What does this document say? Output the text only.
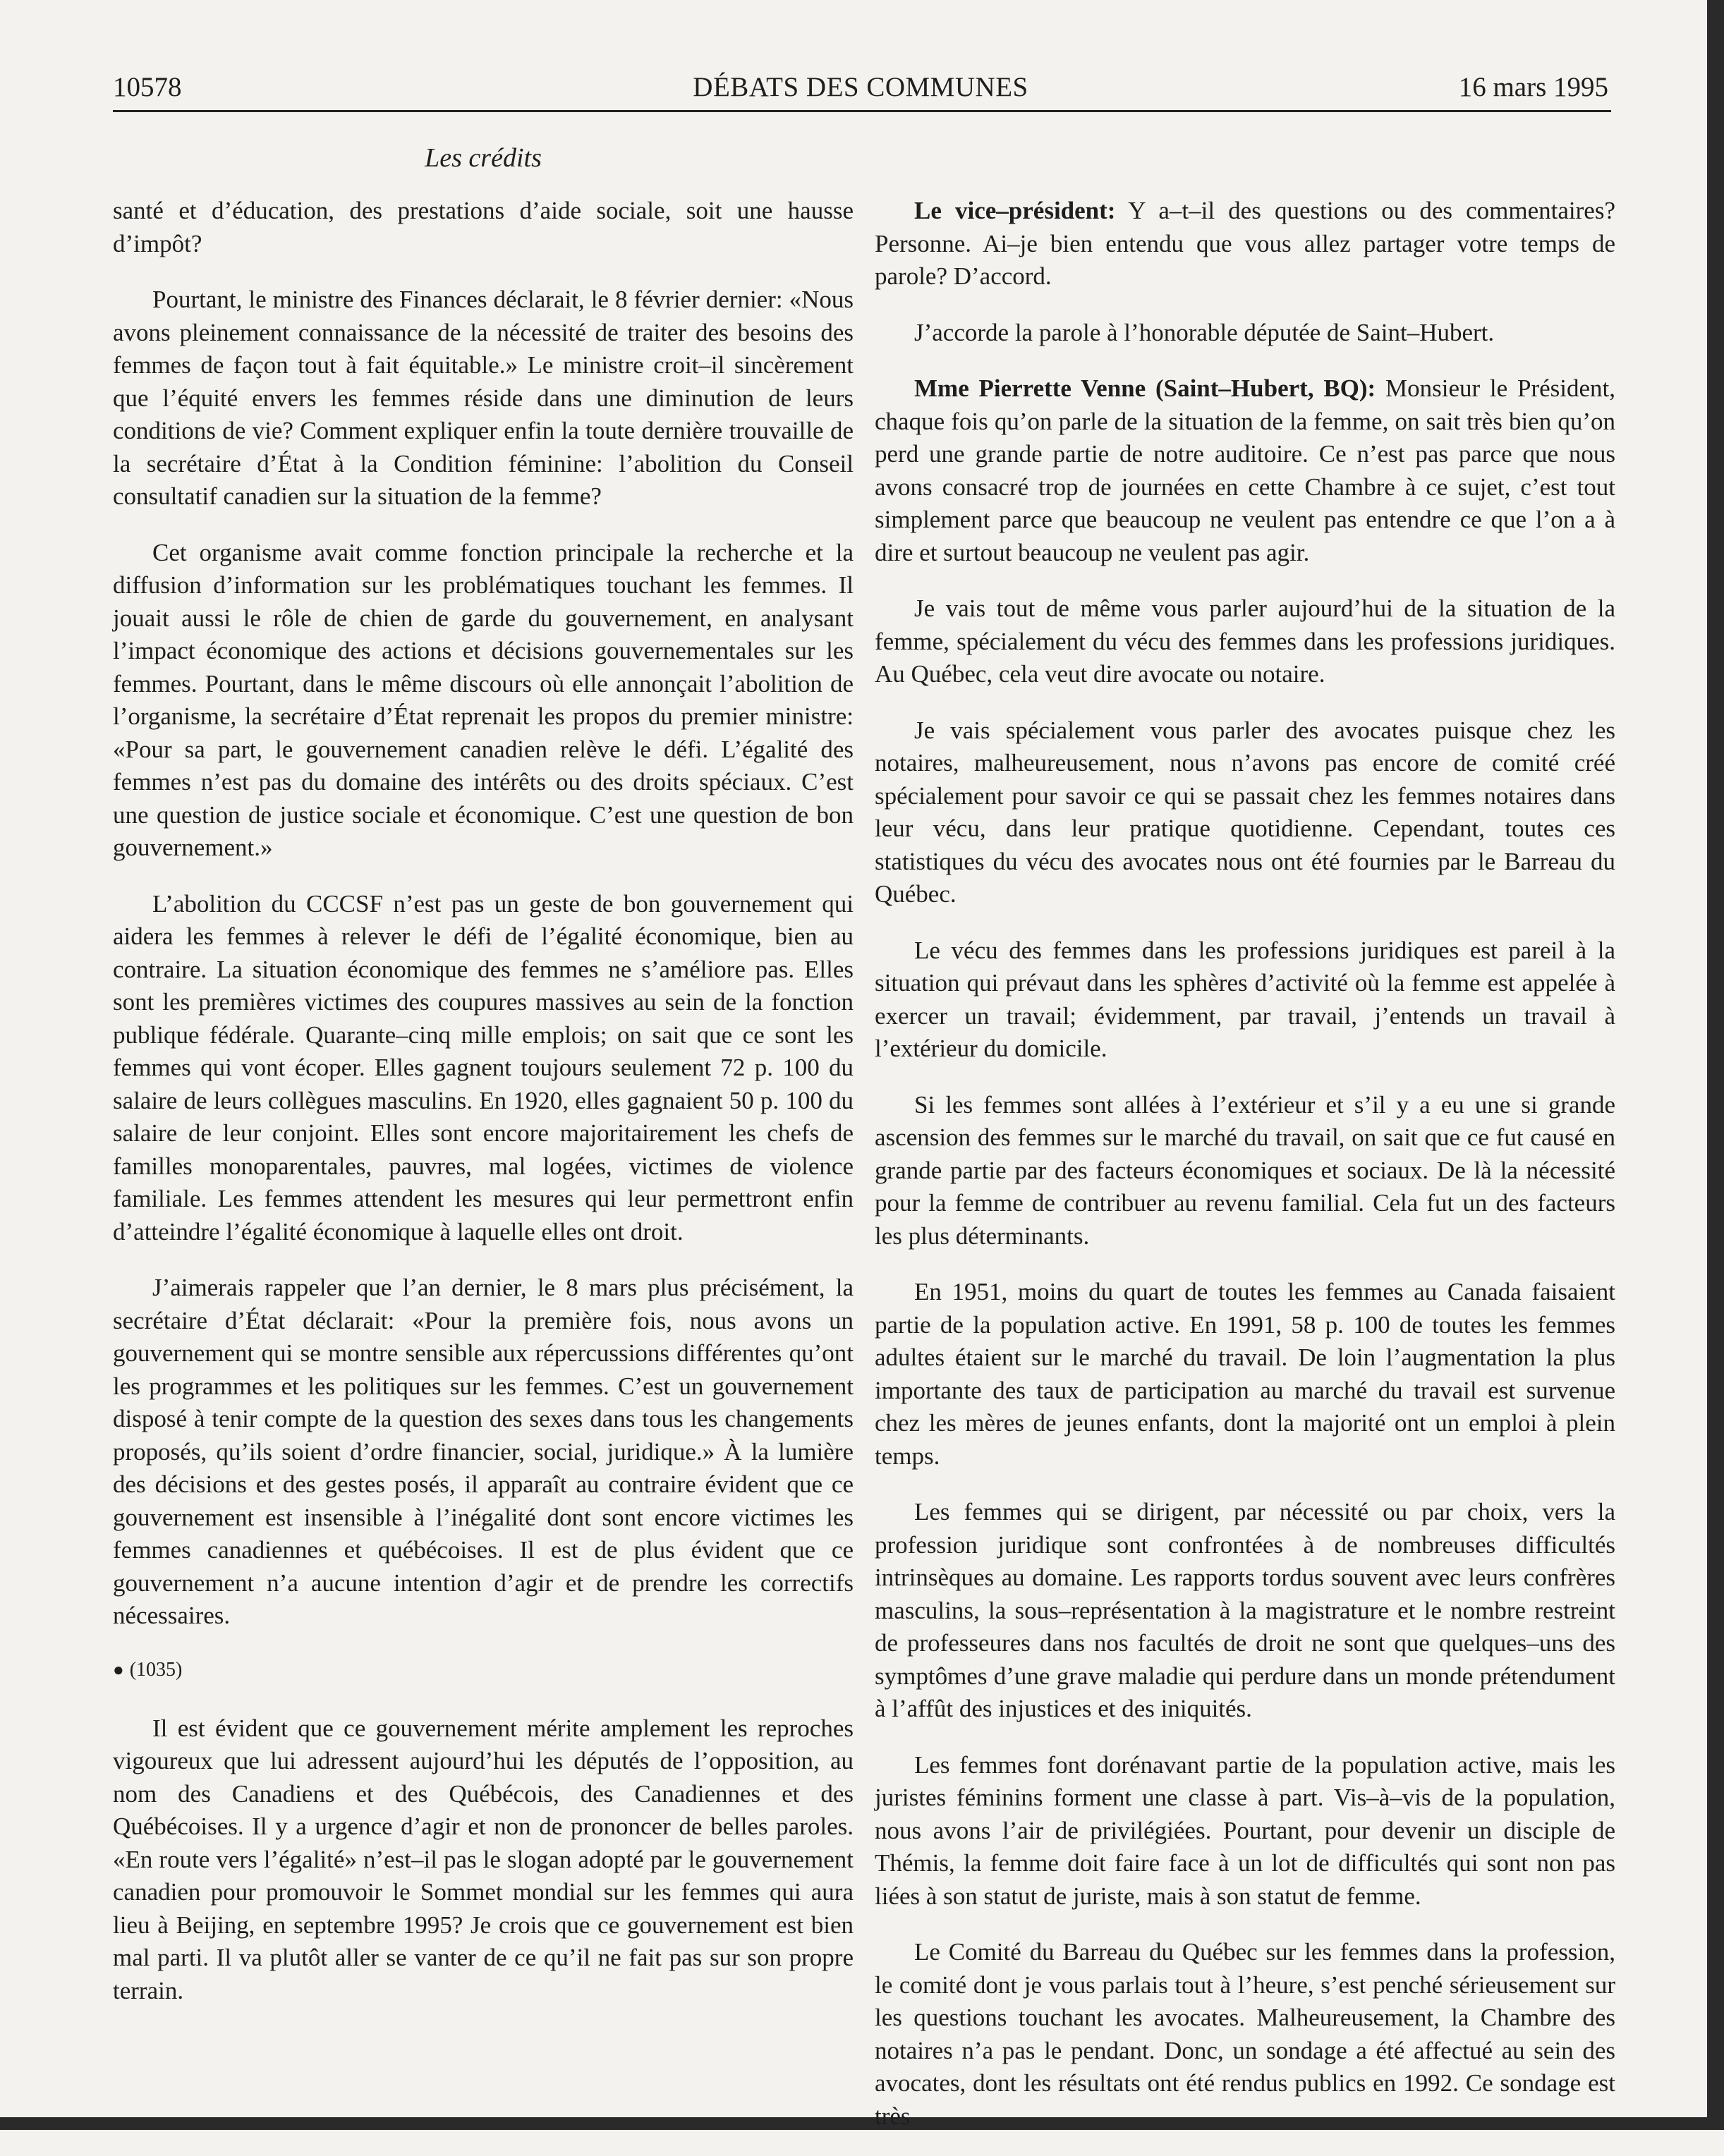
10578	DÉBATS DES COMMUNES	16 mars 1995
Les crédits

santé et d’éducation, des prestations d’aide sociale, soit une hausse d’impôt?

Pourtant, le ministre des Finances déclarait, le 8 février dernier: «Nous avons pleinement connaissance de la nécessité de traiter des besoins des femmes de façon tout à fait équitable.» Le ministre croit–il sincèrement que l’équité envers les femmes réside dans une diminution de leurs conditions de vie? Comment expliquer enfin la toute dernière trouvaille de la secrétaire d’État à la Condition féminine: l’abolition du Conseil consultatif canadien sur la situation de la femme?

Cet organisme avait comme fonction principale la recherche et la diffusion d’information sur les problématiques touchant les femmes. Il jouait aussi le rôle de chien de garde du gouvernement, en analysant l’impact économique des actions et décisions gouvernementales sur les femmes. Pourtant, dans le même discours où elle annonçait l’abolition de l’organisme, la secrétaire d’État reprenait les propos du premier ministre: «Pour sa part, le gouvernement canadien relève le défi. L’égalité des femmes n’est pas du domaine des intérêts ou des droits spéciaux. C’est une question de justice sociale et économique. C’est une question de bon gouvernement.»

L’abolition du CCCSF n’est pas un geste de bon gouvernement qui aidera les femmes à relever le défi de l’égalité économique, bien au contraire. La situation économique des femmes ne s’améliore pas. Elles sont les premières victimes des coupures massives au sein de la fonction publique fédérale. Quarante–cinq mille emplois; on sait que ce sont les femmes qui vont écoper. Elles gagnent toujours seulement 72 p. 100 du salaire de leurs collègues masculins. En 1920, elles gagnaient 50 p. 100 du salaire de leur conjoint. Elles sont encore majoritairement les chefs de familles monoparentales, pauvres, mal logées, victimes de violence familiale. Les femmes attendent les mesures qui leur permettront enfin d’atteindre l’égalité économique à laquelle elles ont droit.

J’aimerais rappeler que l’an dernier, le 8 mars plus précisément, la secrétaire d’État déclarait: «Pour la première fois, nous avons un gouvernement qui se montre sensible aux répercussions différentes qu’ont les programmes et les politiques sur les femmes. C’est un gouvernement disposé à tenir compte de la question des sexes dans tous les changements proposés, qu’ils soient d’ordre financier, social, juridique.» À la lumière des décisions et des gestes posés, il apparaît au contraire évident que ce gouvernement est insensible à l’inégalité dont sont encore victimes les femmes canadiennes et québécoises. Il est de plus évident que ce gouvernement n’a aucune intention d’agir et de prendre les correctifs nécessaires.

● (1035)

Il est évident que ce gouvernement mérite amplement les reproches vigoureux que lui adressent aujourd’hui les députés de l’opposition, au nom des Canadiens et des Québécois, des Canadiennes et des Québécoises. Il y a urgence d’agir et non de prononcer de belles paroles. «En route vers l’égalité» n’est–il pas le slogan adopté par le gouvernement canadien pour promouvoir le Sommet mondial sur les femmes qui aura lieu à Beijing, en septembre 1995? Je crois que ce gouvernement est bien mal parti. Il va plutôt aller se vanter de ce qu’il ne fait pas sur son propre terrain.

Le vice–président: Y a–t–il des questions ou des commentaires? Personne. Ai–je bien entendu que vous allez partager votre temps de parole? D’accord.

J’accorde la parole à l’honorable députée de Saint–Hubert.

Mme Pierrette Venne (Saint–Hubert, BQ): Monsieur le Président, chaque fois qu’on parle de la situation de la femme, on sait très bien qu’on perd une grande partie de notre auditoire. Ce n’est pas parce que nous avons consacré trop de journées en cette Chambre à ce sujet, c’est tout simplement parce que beaucoup ne veulent pas entendre ce que l’on a à dire et surtout beaucoup ne veulent pas agir.

Je vais tout de même vous parler aujourd’hui de la situation de la femme, spécialement du vécu des femmes dans les professions juridiques. Au Québec, cela veut dire avocate ou notaire.

Je vais spécialement vous parler des avocates puisque chez les notaires, malheureusement, nous n’avons pas encore de comité créé spécialement pour savoir ce qui se passait chez les femmes notaires dans leur vécu, dans leur pratique quotidienne. Cependant, toutes ces statistiques du vécu des avocates nous ont été fournies par le Barreau du Québec.

Le vécu des femmes dans les professions juridiques est pareil à la situation qui prévaut dans les sphères d’activité où la femme est appelée à exercer un travail; évidemment, par travail, j’entends un travail à l’extérieur du domicile.

Si les femmes sont allées à l’extérieur et s’il y a eu une si grande ascension des femmes sur le marché du travail, on sait que ce fut causé en grande partie par des facteurs économiques et sociaux. De là la nécessité pour la femme de contribuer au revenu familial. Cela fut un des facteurs les plus déterminants.

En 1951, moins du quart de toutes les femmes au Canada faisaient partie de la population active. En 1991, 58 p. 100 de toutes les femmes adultes étaient sur le marché du travail. De loin l’augmentation la plus importante des taux de participation au marché du travail est survenue chez les mères de jeunes enfants, dont la majorité ont un emploi à plein temps.

Les femmes qui se dirigent, par nécessité ou par choix, vers la profession juridique sont confrontées à de nombreuses difficultés intrinsèques au domaine. Les rapports tordus souvent avec leurs confrères masculins, la sous–représentation à la magistrature et le nombre restreint de professeures dans nos facultés de droit ne sont que quelques–uns des symptômes d’une grave maladie qui perdure dans un monde prétendument à l’affût des injustices et des iniquités.

Les femmes font dorénavant partie de la population active, mais les juristes féminins forment une classe à part. Vis–à–vis de la population, nous avons l’air de privilégiées. Pourtant, pour devenir un disciple de Thémis, la femme doit faire face à un lot de difficultés qui sont non pas liées à son statut de juriste, mais à son statut de femme.

Le Comité du Barreau du Québec sur les femmes dans la profession, le comité dont je vous parlais tout à l’heure, s’est penché sérieusement sur les questions touchant les avocates. Malheureusement, la Chambre des notaires n’a pas le pendant. Donc, un sondage a été affectué au sein des avocates, dont les résultats ont été rendus publics en 1992. Ce sondage est très
